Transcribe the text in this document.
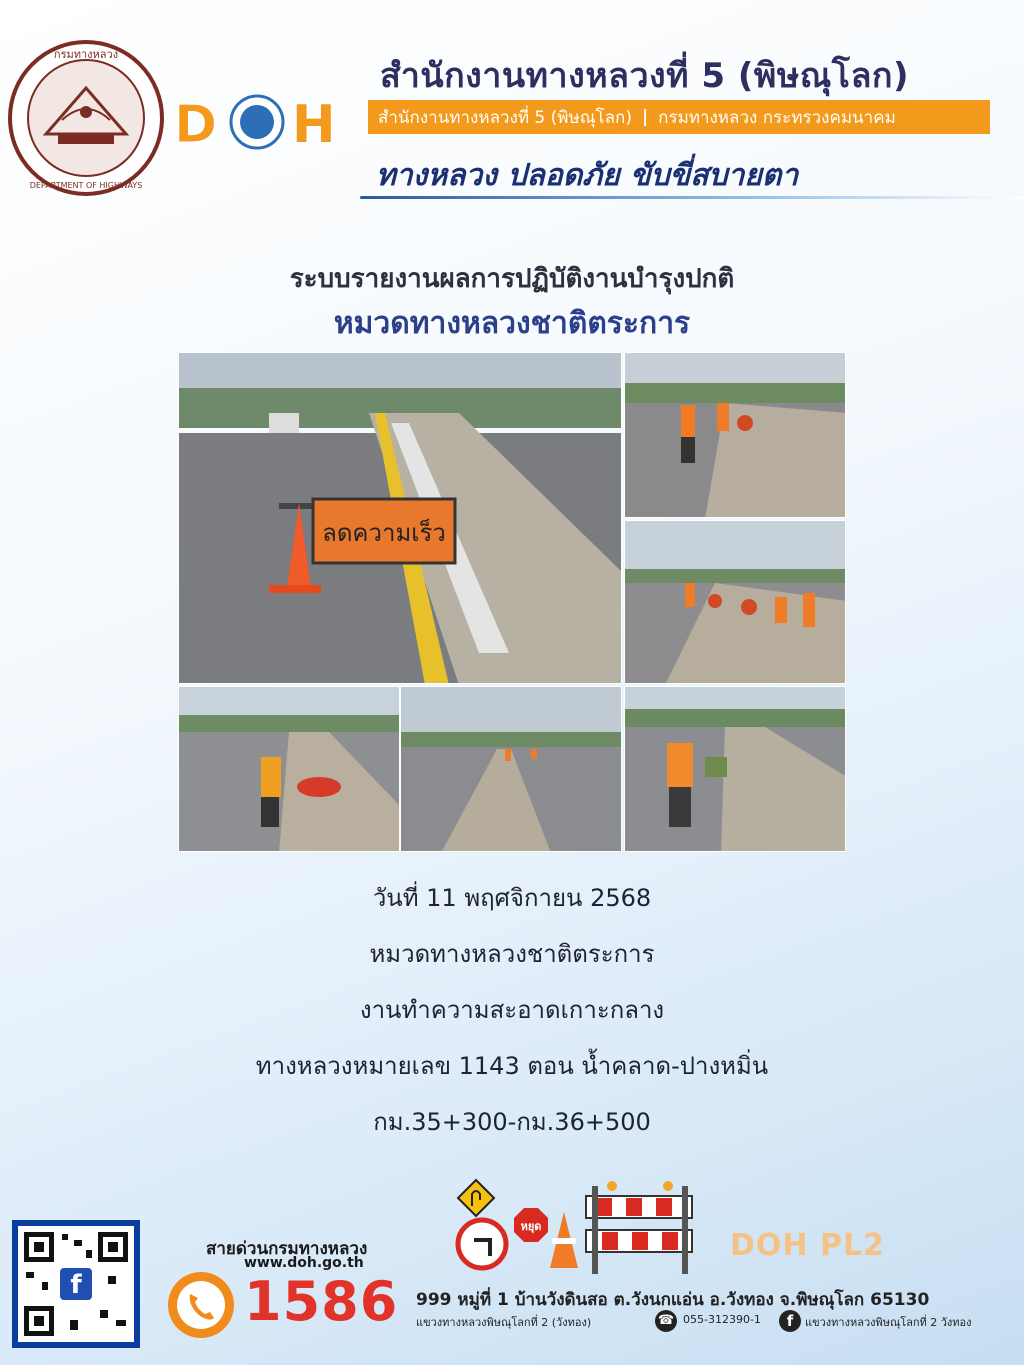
กรมทางหลวง
DEPARTMENT OF HIGHWAYS
D H
สำนักงานทางหลวงที่ 5 (พิษณุโลก)
สำนักงานทางหลวงที่ 5 (พิษณุโลก) | กรมทางหลวง กระทรวงคมนาคม
ทางหลวง ปลอดภัย ขับขี่สบายตา
ระบบรายงานผลการปฏิบัติงานบำรุงปกติ
หมวดทางหลวงชาติตระการ
ลดความเร็ว
วันที่ 11 พฤศจิกายน 2568
หมวดทางหลวงชาติตระการ
งานทำความสะอาดเกาะกลาง
ทางหลวงหมายเลข 1143 ตอน น้ำคลาด-ปางหมิ่น
กม.35+300-กม.36+500
f
สายด่วนกรมทางหลวง
www.doh.go.th
1586
หยุด
DOH PL2
999 หมู่ที่ 1 บ้านวังดินสอ ต.วังนกแอ่น อ.วังทอง จ.พิษณุโลก 65130
แขวงทางหลวงพิษณุโลกที่ 2 (วังทอง)	☎ 055-312390-1	f	แขวงทางหลวงพิษณุโลกที่ 2 วังทอง
